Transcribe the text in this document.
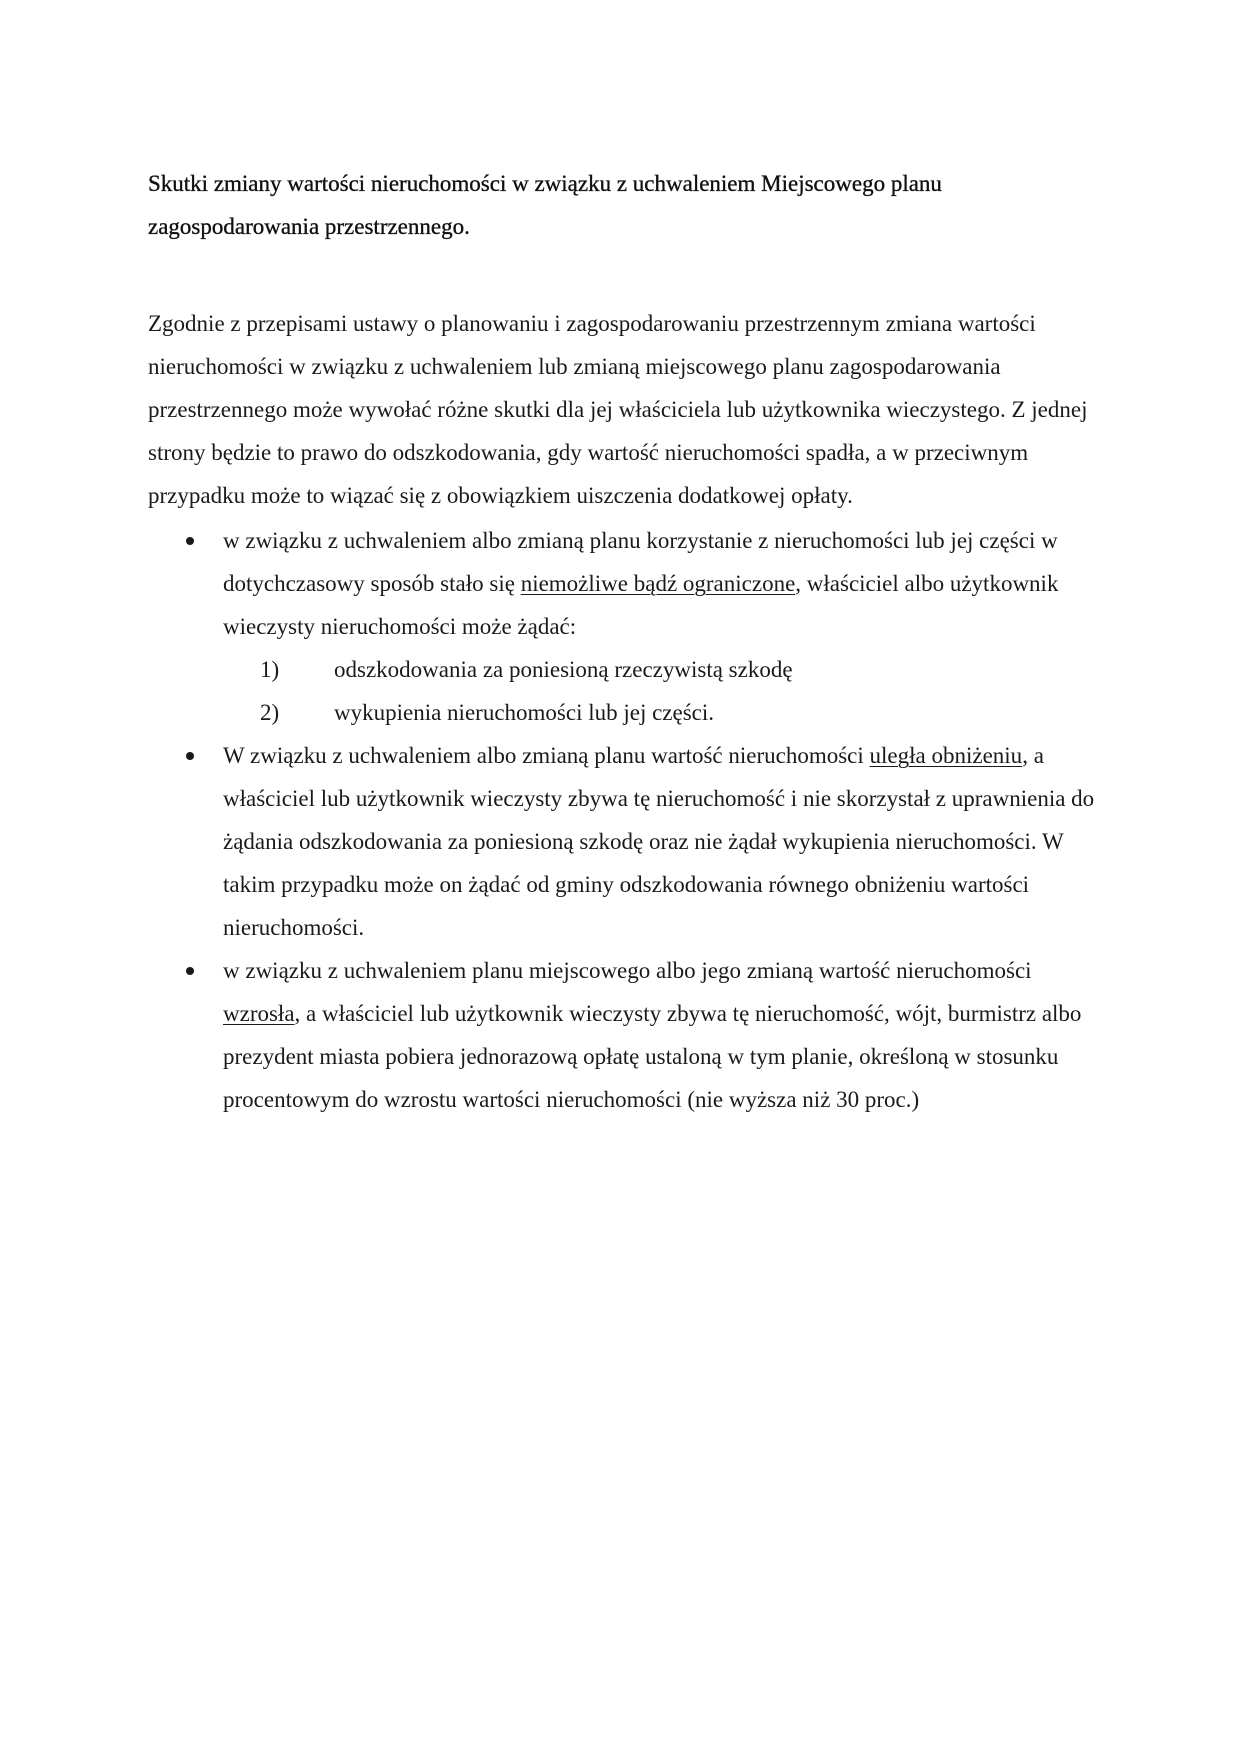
Skutki zmiany wartości nieruchomości w związku z uchwaleniem Miejscowego planu zagospodarowania przestrzennego.

Zgodnie z przepisami ustawy o planowaniu i zagospodarowaniu przestrzennym zmiana wartości nieruchomości w związku z uchwaleniem lub zmianą miejscowego planu zagospodarowania przestrzennego może wywołać różne skutki dla jej właściciela lub użytkownika wieczystego. Z jednej strony będzie to prawo do odszkodowania, gdy wartość nieruchomości spadła, a w przeciwnym przypadku może to wiązać się z obowiązkiem uiszczenia dodatkowej opłaty.

w związku z uchwaleniem albo zmianą planu korzystanie z nieruchomości lub jej części w dotychczasowy sposób stało się niemożliwe bądź ograniczone, właściciel albo użytkownik wieczysty nieruchomości może żądać:
1) odszkodowania za poniesioną rzeczywistą szkodę
2) wykupienia nieruchomości lub jej części.
W związku z uchwaleniem albo zmianą planu wartość nieruchomości uległa obniżeniu, a właściciel lub użytkownik wieczysty zbywa tę nieruchomość i nie skorzystał z uprawnienia do żądania odszkodowania za poniesioną szkodę oraz nie żądał wykupienia nieruchomości. W takim przypadku może on żądać od gminy odszkodowania równego obniżeniu wartości nieruchomości.
w związku z uchwaleniem planu miejscowego albo jego zmianą wartość nieruchomości wzrosła, a właściciel lub użytkownik wieczysty zbywa tę nieruchomość, wójt, burmistrz albo prezydent miasta pobiera jednorazową opłatę ustaloną w tym planie, określoną w stosunku procentowym do wzrostu wartości nieruchomości (nie wyższa niż 30 proc.)
